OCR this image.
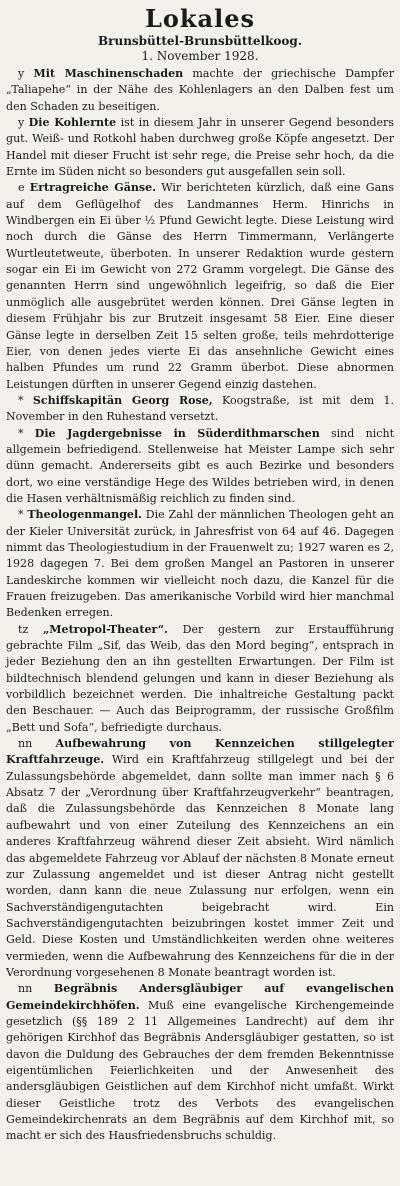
Lokales

Brunsbüttel-Brunsbüttelkoog.

1. November 1928.

y Mit Maschinenschaden machte der griechische Dampfer „Taliapehe“ in der Nähe des Kohlenlagers an den Dalben fest um den Schaden zu beseitigen.

y Die Kohlernte ist in diesem Jahr in unserer Gegend besonders gut. Weiß- und Rotkohl haben durchweg große Köpfe angesetzt. Der Handel mit dieser Frucht ist sehr rege, die Preise sehr hoch, da die Ernte im Süden nicht so besonders gut ausgefallen sein soll.

e Ertragreiche Gänse. Wir berichteten kürzlich, daß eine Gans auf dem Geflügelhof des Landmannes Herm. Hinrichs in Windbergen ein Ei über ½ Pfund Gewicht legte. Diese Leistung wird noch durch die Gänse des Herrn Timmermann, Verlängerte Wurtleutetweute, überboten. In unserer Redaktion wurde gestern sogar ein Ei im Gewicht von 272 Gramm vorgelegt. Die Gänse des genannten Herrn sind ungewöhnlich legeifrig, so daß die Eier unmöglich alle ausgebrütet werden können. Drei Gänse legten in diesem Frühjahr bis zur Brutzeit insgesamt 58 Eier. Eine dieser Gänse legte in derselben Zeit 15 selten große, teils mehrdotterige Eier, von denen jedes vierte Ei das ansehnliche Gewicht eines halben Pfundes um rund 22 Gramm überbot. Diese abnormen Leistungen dürften in unserer Gegend einzig dastehen.

* Schiffskapitän Georg Rose, Koogstraße, ist mit dem 1. November in den Ruhestand versetzt.

* Die Jagdergebnisse in Süderdithmarschen sind nicht allgemein befriedigend. Stellenweise hat Meister Lampe sich sehr dünn gemacht. Andererseits gibt es auch Bezirke und besonders dort, wo eine verständige Hege des Wildes betrieben wird, in denen die Hasen verhältnismäßig reichlich zu finden sind.

* Theologenmangel. Die Zahl der männlichen Theologen geht an der Kieler Universität zurück, in Jahresfrist von 64 auf 46. Dagegen nimmt das Theologiestudium in der Frauenwelt zu; 1927 waren es 2, 1928 dagegen 7. Bei dem großen Mangel an Pastoren in unserer Landeskirche kommen wir vielleicht noch dazu, die Kanzel für die Frauen freizugeben. Das amerikanische Vorbild wird hier manchmal Bedenken erregen.

tz „Metropol-Theater“. Der gestern zur Erstaufführung gebrachte Film „Sif, das Weib, das den Mord beging“, entsprach in jeder Beziehung den an ihn gestellten Erwartungen. Der Film ist bildtechnisch blendend gelungen und kann in dieser Beziehung als vorbildlich bezeichnet werden. Die inhaltreiche Gestaltung packt den Beschauer. — Auch das Beiprogramm, der russische Großfilm „Bett und Sofa“, befriedigte durchaus.

nn Aufbewahrung von Kennzeichen stillgelegter Kraftfahrzeuge. Wird ein Kraftfahrzeug stillgelegt und bei der Zulassungsbehörde abgemeldet, dann sollte man immer nach § 6 Absatz 7 der „Verordnung über Kraftfahrzeugverkehr“ beantragen, daß die Zulassungsbehörde das Kennzeichen 8 Monate lang aufbewahrt und von einer Zuteilung des Kennzeichens an ein anderes Kraftfahrzeug während dieser Zeit absieht. Wird nämlich das abgemeldete Fahrzeug vor Ablauf der nächsten 8 Monate erneut zur Zulassung angemeldet und ist dieser Antrag nicht gestellt worden, dann kann die neue Zulassung nur erfolgen, wenn ein Sachverständigengutachten beigebracht wird. Ein Sachverständigengutachten beizubringen kostet immer Zeit und Geld. Diese Kosten und Umständlichkeiten werden ohne weiteres vermieden, wenn die Aufbewahrung des Kennzeichens für die in der Verordnung vorgesehenen 8 Monate beantragt worden ist.

nn Begräbnis Andersgläubiger auf evangelischen Gemeindekirchhöfen. Muß eine evangelische Kirchengemeinde gesetzlich (§§ 189 2 11 Allgemeines Landrecht) auf dem ihr gehörigen Kirchhof das Begräbnis Andersgläubiger gestatten, so ist davon die Duldung des Gebrauches der dem fremden Bekenntnisse eigentümlichen Feierlichkeiten und der Anwesenheit des andersgläubigen Geistlichen auf dem Kirchhof nicht umfaßt. Wirkt dieser Geistliche trotz des Verbots des evangelischen Gemeindekirchenrats an dem Begräbnis auf dem Kirchhof mit, so macht er sich des Hausfriedensbruchs schuldig.
